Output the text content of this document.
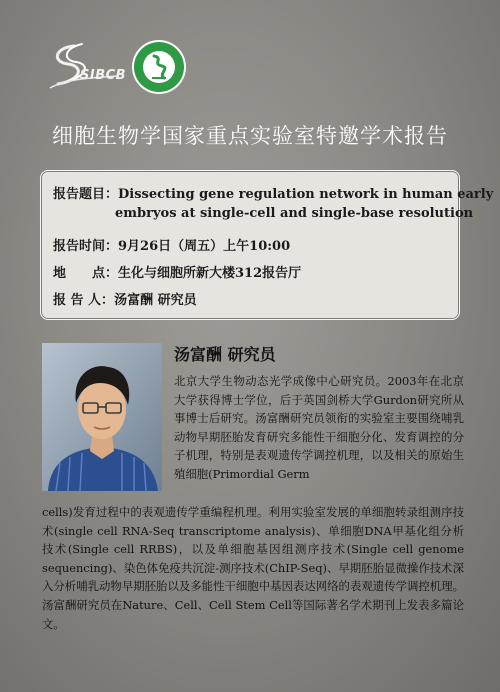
SIBCB
细胞生物学国家重点实验室特邀学术报告
报告题目：Dissecting gene regulation network in human early
embryos at single-cell and single-base resolution
报告时间：9月26日（周五）上午10:00
地　　点：生化与细胞所新大楼312报告厅
报 告 人：汤富酬 研究员
汤富酬 研究员

北京大学生物动态光学成像中心研究员。2003年在北京大学获得博士学位，后于英国剑桥大学Gurdon研究所从事博士后研究。汤富酬研究员领衔的实验室主要围绕哺乳动物早期胚胎发育研究多能性干细胞分化、发育调控的分子机理，特别是表观遗传学调控机理，以及相关的原始生殖细胞(Primordial Germ

cells)发育过程中的表观遗传学重编程机理。利用实验室发展的单细胞转录组测序技术(single cell RNA-Seq transcriptome analysis)、单细胞DNA甲基化组分析技术(Single cell RRBS)，以及单细胞基因组测序技术(Single cell genome sequencing)、染色体免疫共沉淀-测序技术(ChIP-Seq)、早期胚胎显微操作技术深入分析哺乳动物早期胚胎以及多能性干细胞中基因表达网络的表观遗传学调控机理。汤富酬研究员在Nature、Cell、Cell Stem Cell等国际著名学术期刊上发表多篇论文。
